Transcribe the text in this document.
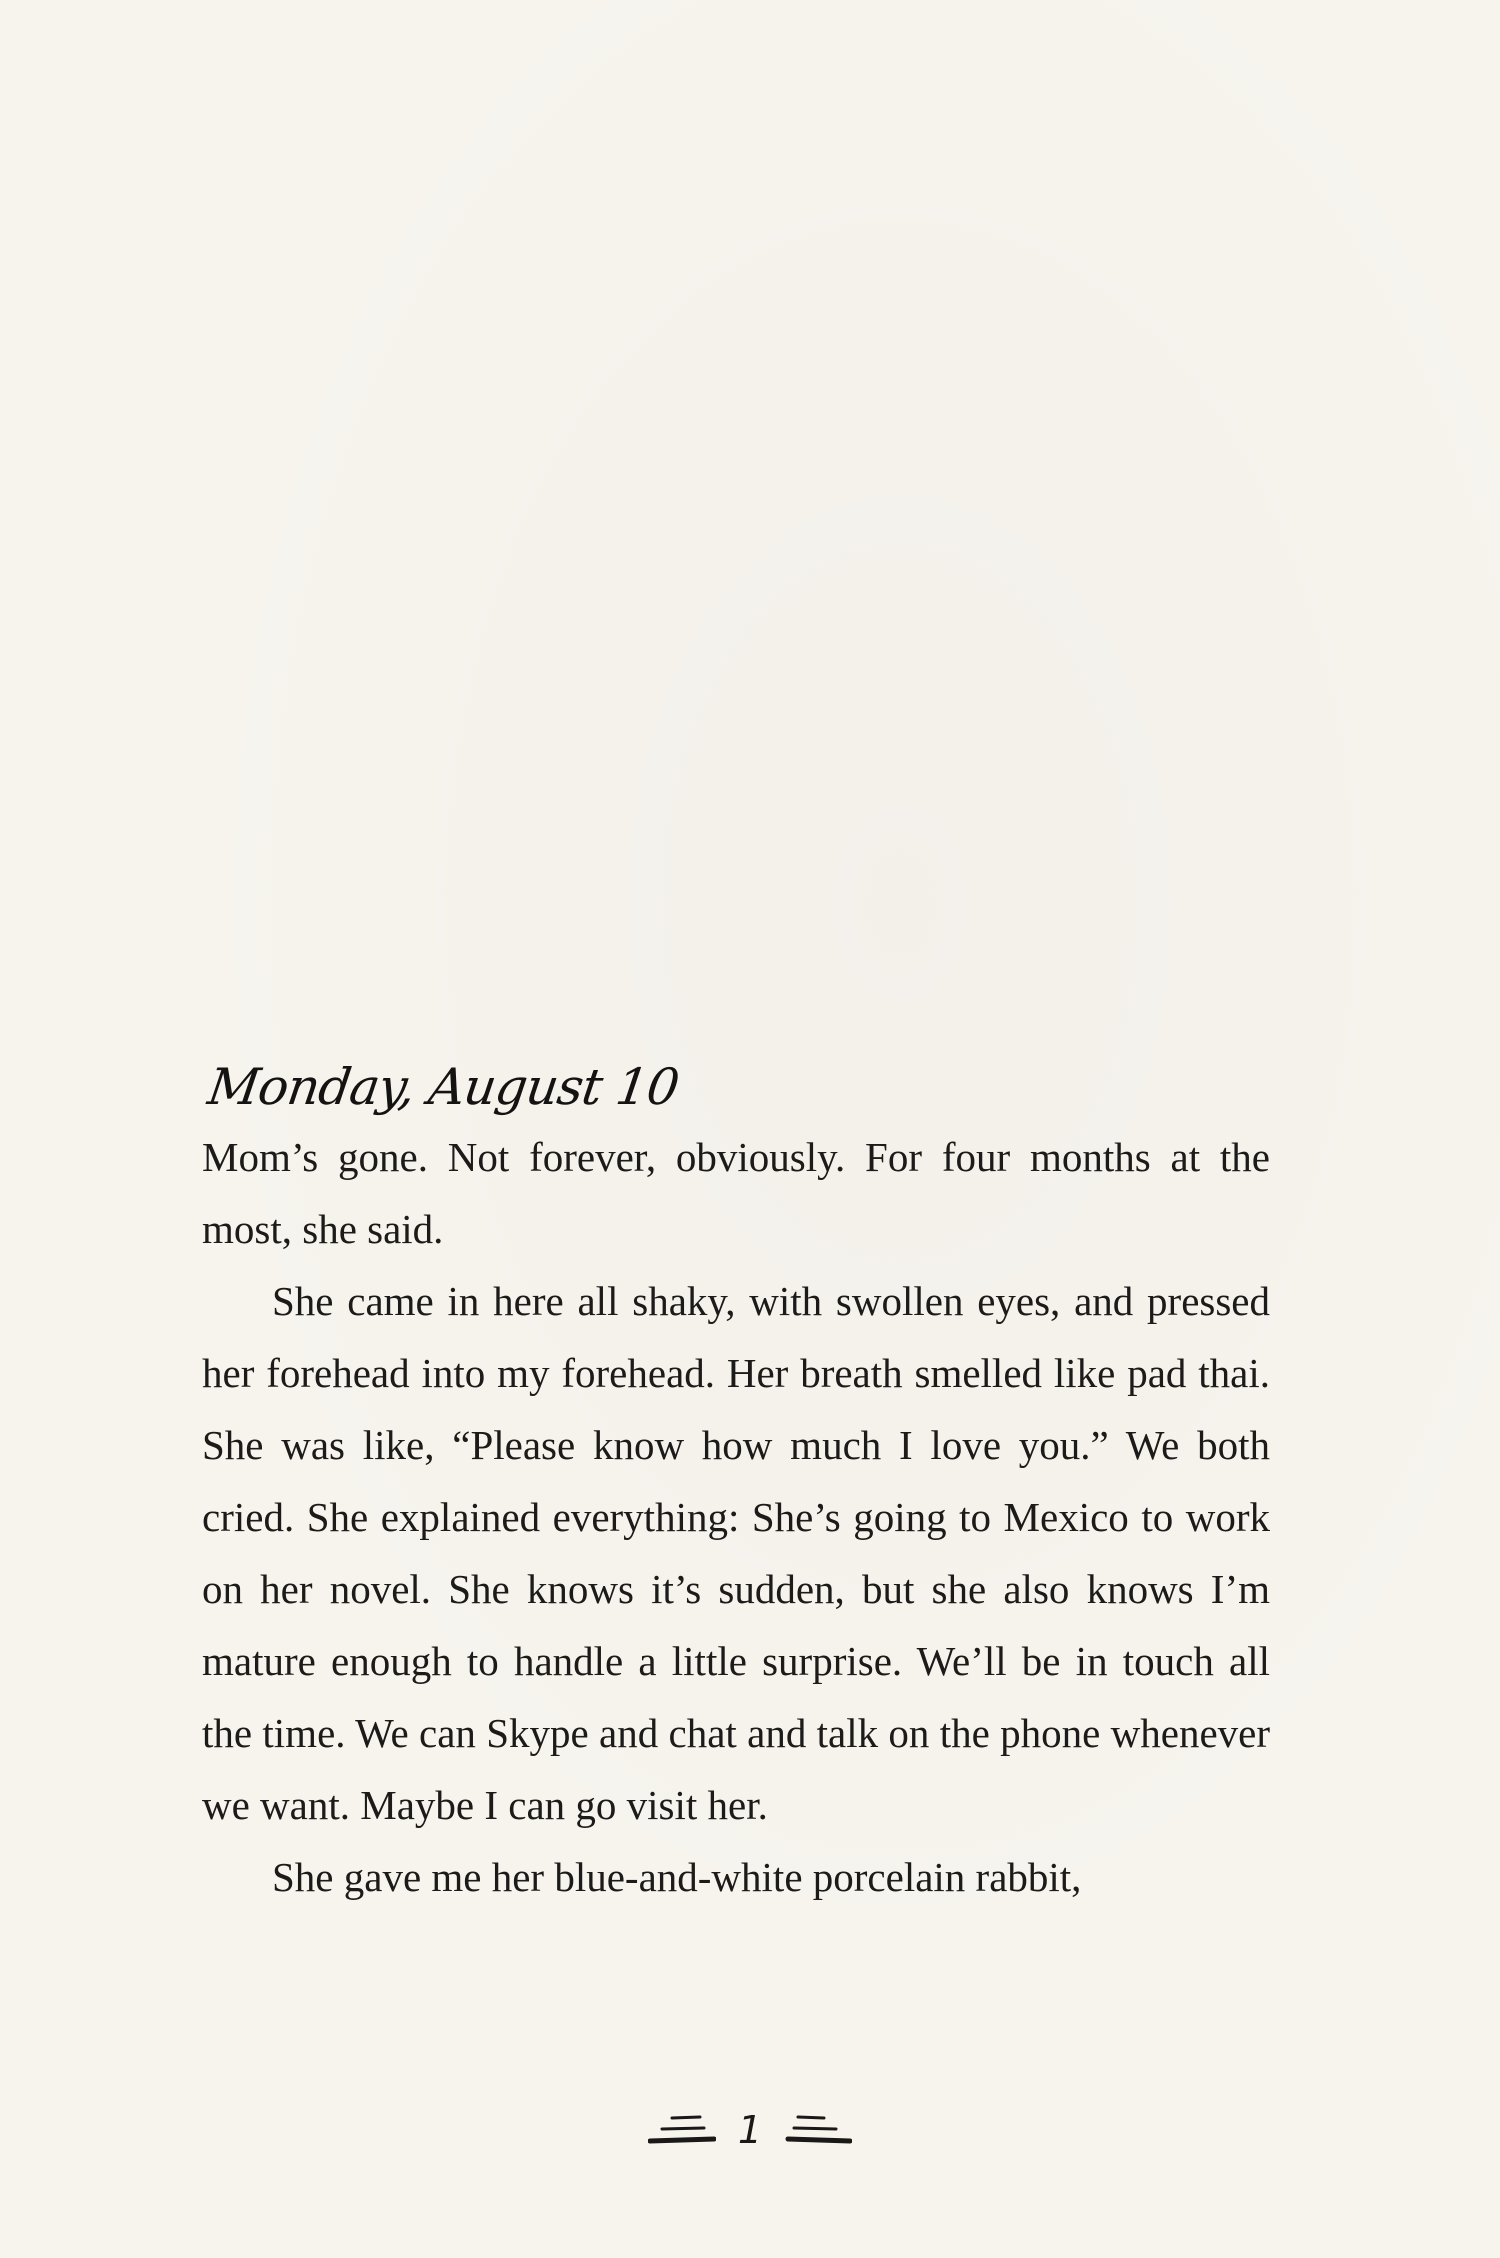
Monday, August 10

Mom’s gone. Not forever, obviously. For four months at the most, she said.

She came in here all shaky, with swollen eyes, and pressed her forehead into my forehead. Her breath smelled like pad thai. She was like, “Please know how much I love you.” We both cried. She explained everything: She’s going to Mexico to work on her novel. She knows it’s sudden, but she also knows I’m mature enough to handle a little surprise. We’ll be in touch all the time. We can Skype and chat and talk on the phone whenever we want. Maybe I can go visit her.

She gave me her blue-and-white porcelain rabbit,

1
